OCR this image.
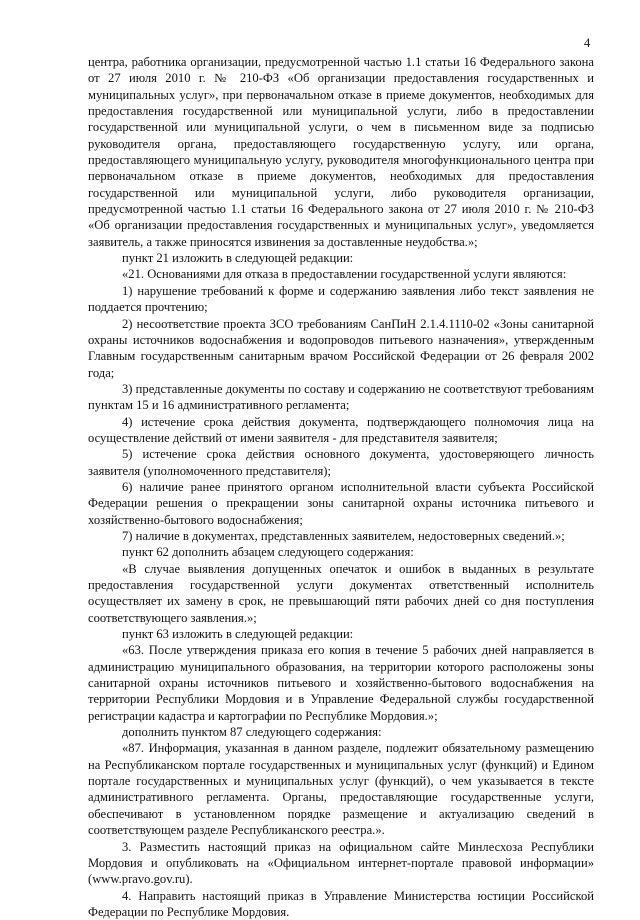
4

центра, работника организации, предусмотренной частью 1.1 статьи 16 Федерального закона от 27 июля 2010 г. № 210-ФЗ «Об организации предоставления государственных и муниципальных услуг», при первоначальном отказе в приеме документов, необходимых для предоставления государственной или муниципальной услуги, либо в предоставлении государственной или муниципальной услуги, о чем в письменном виде за подписью руководителя органа, предоставляющего государственную услугу, или органа, предоставляющего муниципальную услугу, руководителя многофункционального центра при первоначальном отказе в приеме документов, необходимых для предоставления государственной или муниципальной услуги, либо руководителя организации, предусмотренной частью 1.1 статьи 16 Федерального закона от 27 июля 2010 г. № 210-ФЗ «Об организации предоставления государственных и муниципальных услуг», уведомляется заявитель, а также приносятся извинения за доставленные неудобства.»;

пункт 21 изложить в следующей редакции:

«21. Основаниями для отказа в предоставлении государственной услуги являются:

1) нарушение требований к форме и содержанию заявления либо текст заявления не поддается прочтению;

2) несоответствие проекта ЗСО требованиям СанПиН 2.1.4.1110-02 «Зоны санитарной охраны источников водоснабжения и водопроводов питьевого назначения», утвержденным Главным государственным санитарным врачом Российской Федерации от 26 февраля 2002 года;

3) представленные документы по составу и содержанию не соответствуют требованиям пунктам 15 и 16 административного регламента;

4) истечение срока действия документа, подтверждающего полномочия лица на осуществление действий от имени заявителя - для представителя заявителя;

5) истечение срока действия основного документа, удостоверяющего личность заявителя (уполномоченного представителя);

6) наличие ранее принятого органом исполнительной власти субъекта Российской Федерации решения о прекращении зоны санитарной охраны источника питьевого и хозяйственно-бытового водоснабжения;

7) наличие в документах, представленных заявителем, недостоверных сведений.»;

пункт 62 дополнить абзацем следующего содержания:

«В случае выявления допущенных опечаток и ошибок в выданных в результате предоставления государственной услуги документах ответственный исполнитель осуществляет их замену в срок, не превышающий пяти рабочих дней со дня поступления соответствующего заявления.»;

пункт 63 изложить в следующей редакции:

«63. После утверждения приказа его копия в течение 5 рабочих дней направляется в администрацию муниципального образования, на территории которого расположены зоны санитарной охраны источников питьевого и хозяйственно-бытового водоснабжения на территории Республики Мордовия и в Управление Федеральной службы государственной регистрации кадастра и картографии по Республике Мордовия.»;

дополнить пунктом 87 следующего содержания:

«87. Информация, указанная в данном разделе, подлежит обязательному размещению на Республиканском портале государственных и муниципальных услуг (функций) и Едином портале государственных и муниципальных услуг (функций), о чем указывается в тексте административного регламента. Органы, предоставляющие государственные услуги, обеспечивают в установленном порядке размещение и актуализацию сведений в соответствующем разделе Республиканского реестра.».

3. Разместить настоящий приказ на официальном сайте Минлесхоза Республики Мордовия и опубликовать на «Официальном интернет-портале правовой информации» (www.pravo.gov.ru).

4. Направить настоящий приказ в Управление Министерства юстиции Российской Федерации по Республике Мордовия.
